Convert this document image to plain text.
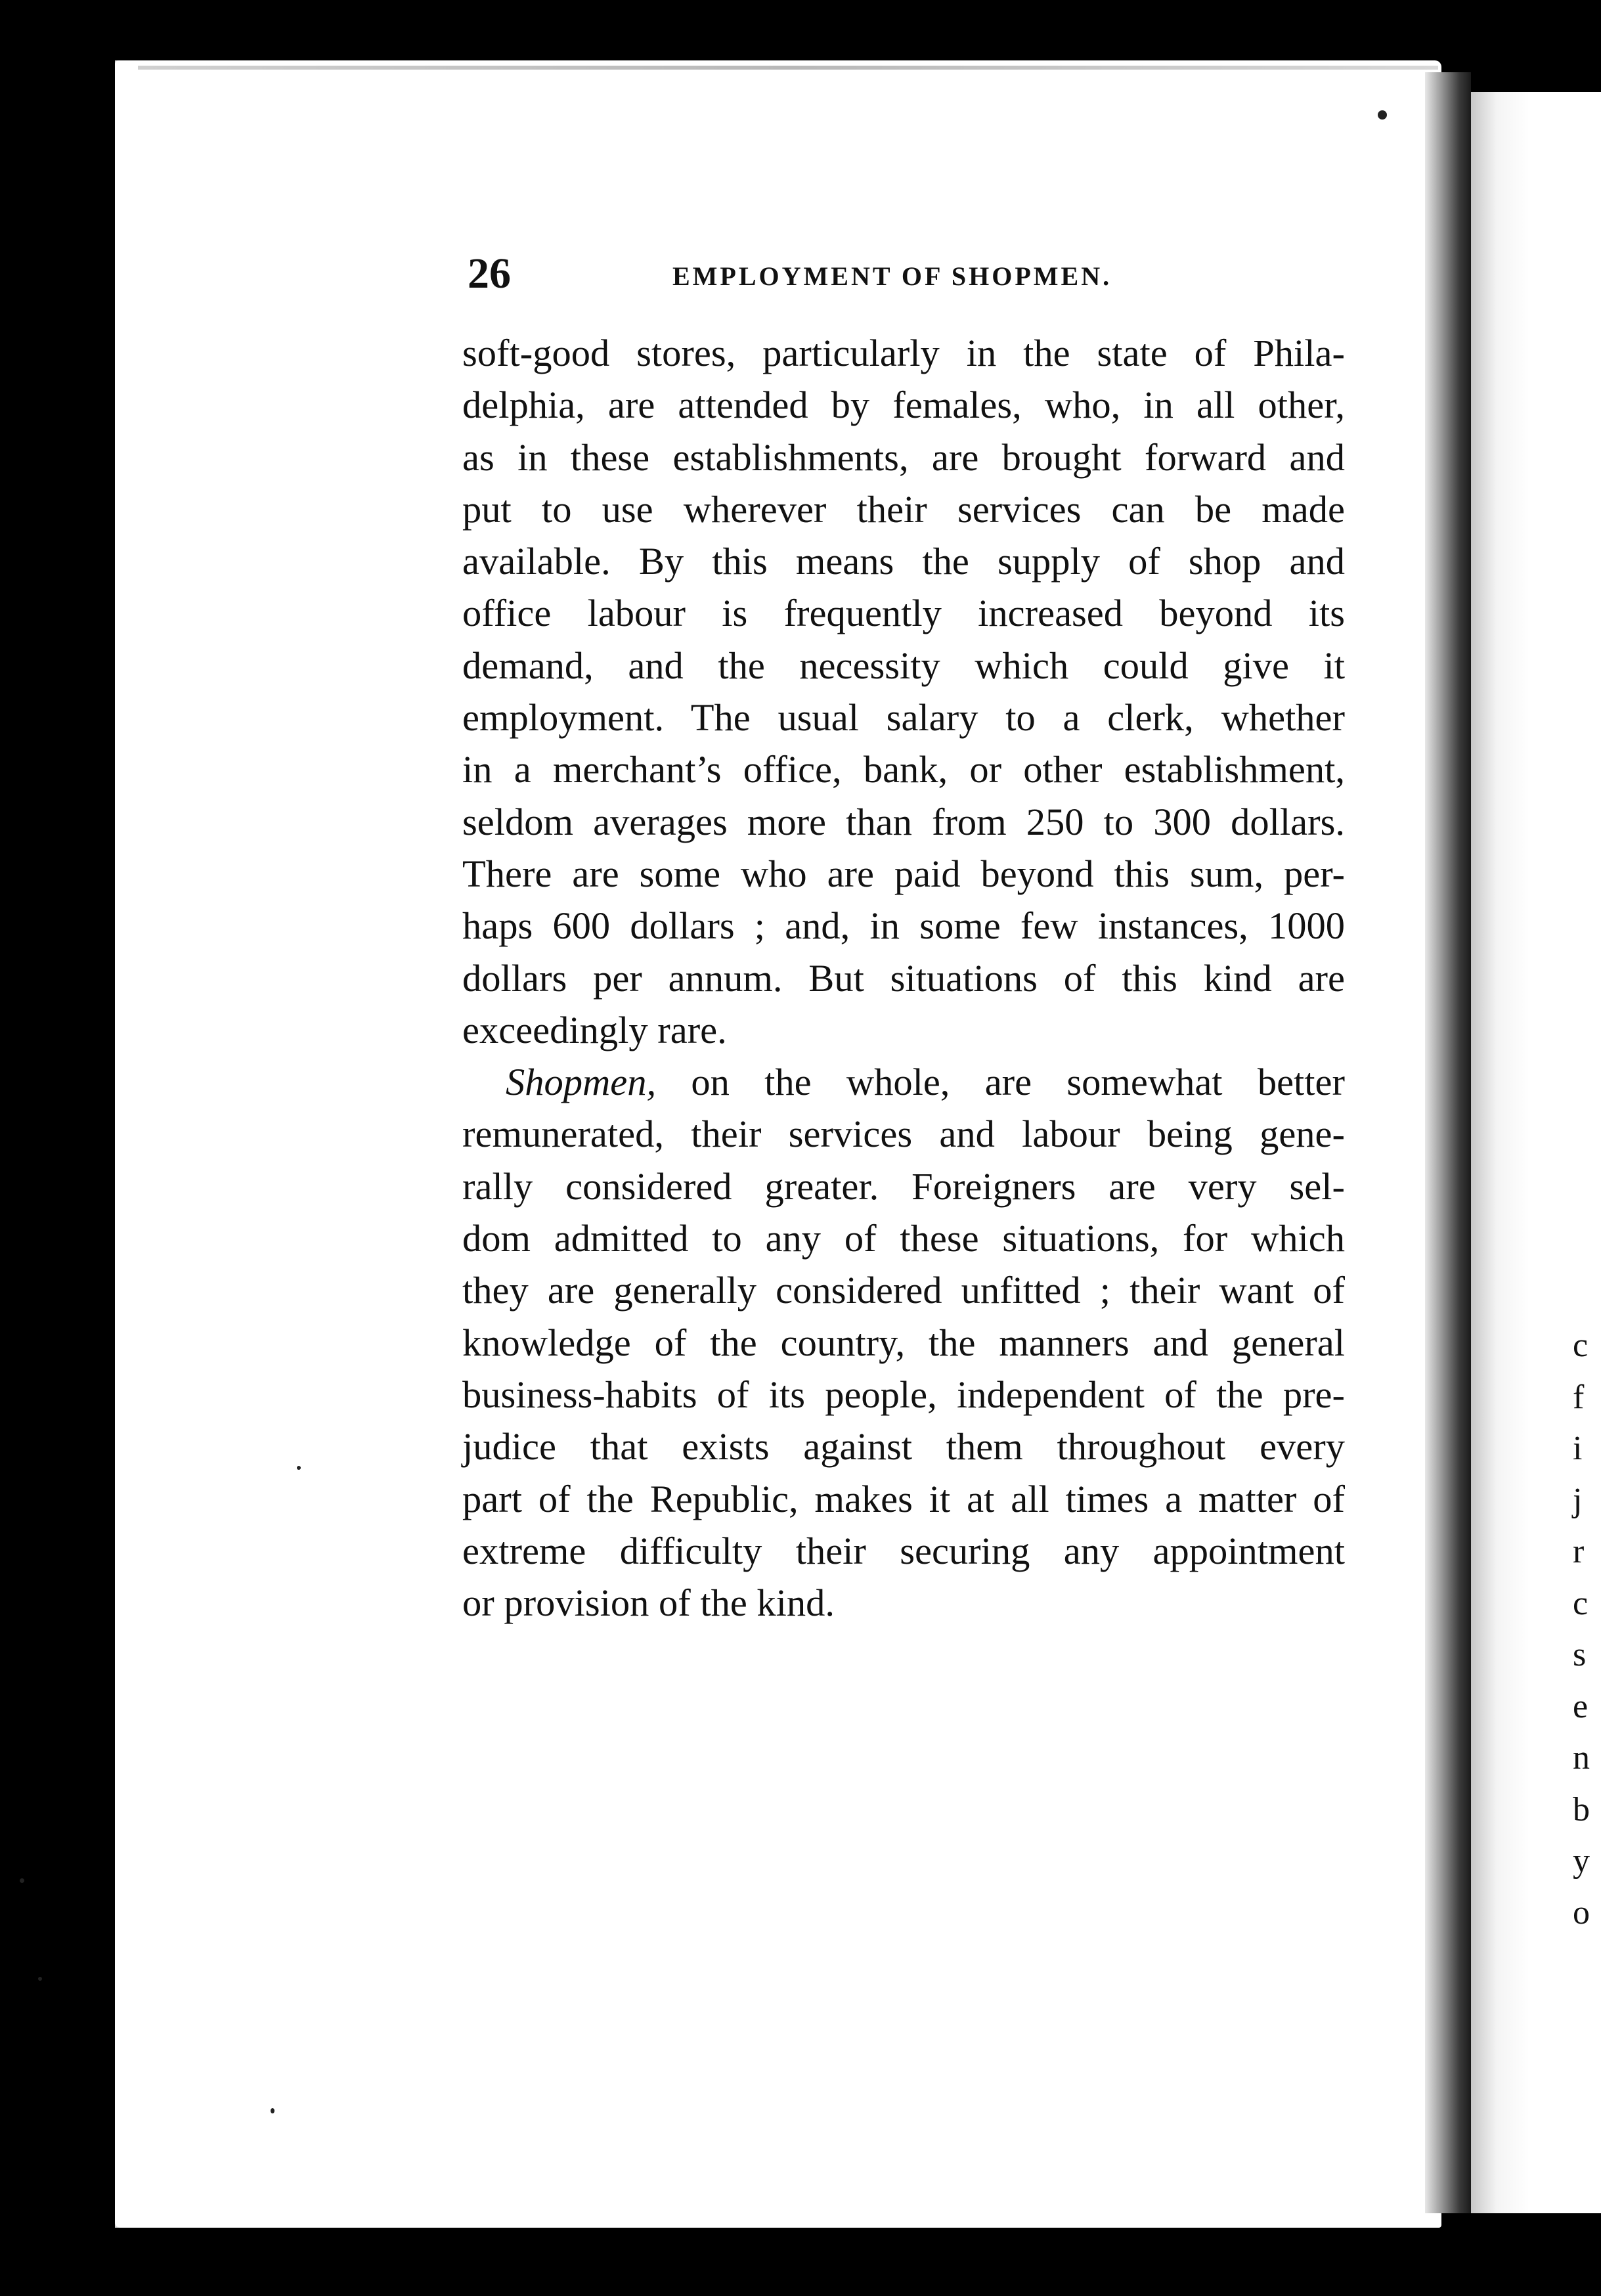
c
f
i
j
r
c
s
e
n
b
y
o
26	EMPLOYMENT OF SHOPMEN.
soft-good stores, particularly in the state of Phila-
delphia, are attended by females, who, in all other,
as in these establishments, are brought forward and
put to use wherever their services can be made
available. By this means the supply of shop and
office labour is frequently increased beyond its
demand, and the necessity which could give it
employment. The usual salary to a clerk, whether
in a merchant’s office, bank, or other establishment,
seldom averages more than from 250 to 300 dollars.
There are some who are paid beyond this sum, per-
haps 600 dollars ; and, in some few instances, 1000
dollars per annum. But situations of this kind are
exceedingly rare.
Shopmen, on the whole, are somewhat better
remunerated, their services and labour being gene-
rally considered greater. Foreigners are very sel-
dom admitted to any of these situations, for which
they are generally considered unfitted ; their want of
knowledge of the country, the manners and general
business-habits of its people, independent of the pre-
judice that exists against them throughout every
part of the Republic, makes it at all times a matter of
extreme difficulty their securing any appointment
or provision of the kind.
